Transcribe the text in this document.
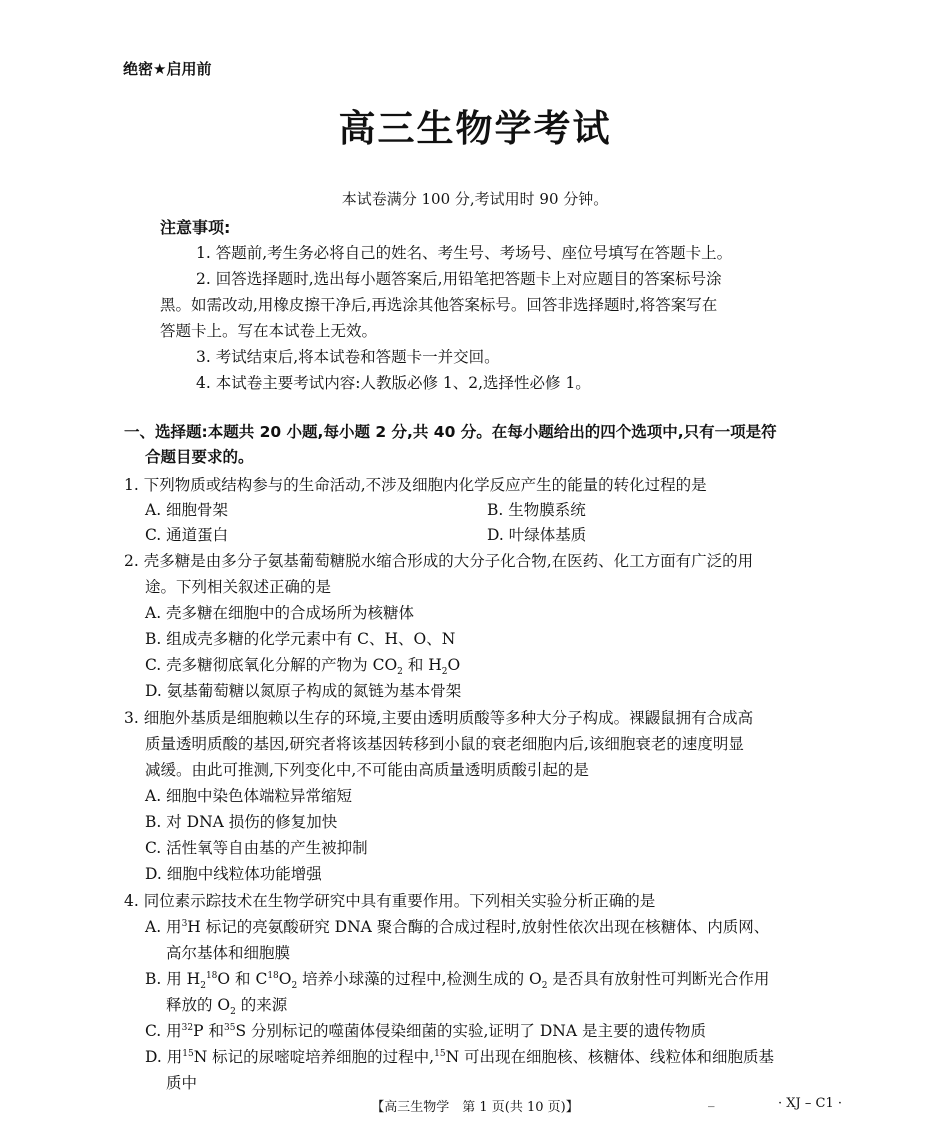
绝密★启用前
高三生物学考试
本试卷满分 100 分,考试用时 90 分钟。
注意事项:
1. 答题前,考生务必将自己的姓名、考生号、考场号、座位号填写在答题卡上。
2. 回答选择题时,选出每小题答案后,用铅笔把答题卡上对应题目的答案标号涂
黑。如需改动,用橡皮擦干净后,再选涂其他答案标号。回答非选择题时,将答案写在
答题卡上。写在本试卷上无效。
3. 考试结束后,将本试卷和答题卡一并交回。
4. 本试卷主要考试内容:人教版必修 1、2,选择性必修 1。
一、选择题:本题共 20 小题,每小题 2 分,共 40 分。在每小题给出的四个选项中,只有一项是符
合题目要求的。
1. 下列物质或结构参与的生命活动,不涉及细胞内化学反应产生的能量的转化过程的是
A. 细胞骨架	B. 生物膜系统
C. 通道蛋白	D. 叶绿体基质
2. 壳多糖是由多分子氨基葡萄糖脱水缩合形成的大分子化合物,在医药、化工方面有广泛的用
途。下列相关叙述正确的是
A. 壳多糖在细胞中的合成场所为核糖体
B. 组成壳多糖的化学元素中有 C、H、O、N
C. 壳多糖彻底氧化分解的产物为 $CO_2$ 和 $H_2O$
D. 氨基葡萄糖以氮原子构成的氮链为基本骨架
3. 细胞外基质是细胞赖以生存的环境,主要由透明质酸等多种大分子构成。裸鼹鼠拥有合成高
质量透明质酸的基因,研究者将该基因转移到小鼠的衰老细胞内后,该细胞衰老的速度明显
减缓。由此可推测,下列变化中,不可能由高质量透明质酸引起的是
A. 细胞中染色体端粒异常缩短
B. 对 DNA 损伤的修复加快
C. 活性氧等自由基的产生被抑制
D. 细胞中线粒体功能增强
4. 同位素示踪技术在生物学研究中具有重要作用。下列相关实验分析正确的是
A. 用$^3$H 标记的亮氨酸研究 DNA 聚合酶的合成过程时,放射性依次出现在核糖体、内质网、
高尔基体和细胞膜
B. 用 $H_2^{18}O$ 和 $C^{18}O_2$ 培养小球藻的过程中,检测生成的 $O_2$ 是否具有放射性可判断光合作用
释放的 $O_2$ 的来源
C. 用$^{32}$P 和$^{35}$S 分别标记的噬菌体侵染细菌的实验,证明了 DNA 是主要的遗传物质
D. 用$^{15}$N 标记的尿嘧啶培养细胞的过程中,$^{15}$N 可出现在细胞核、核糖体、线粒体和细胞质基
质中
【高三生物学　第 1 页(共 10 页)】	_	· XJ – C1 ·
